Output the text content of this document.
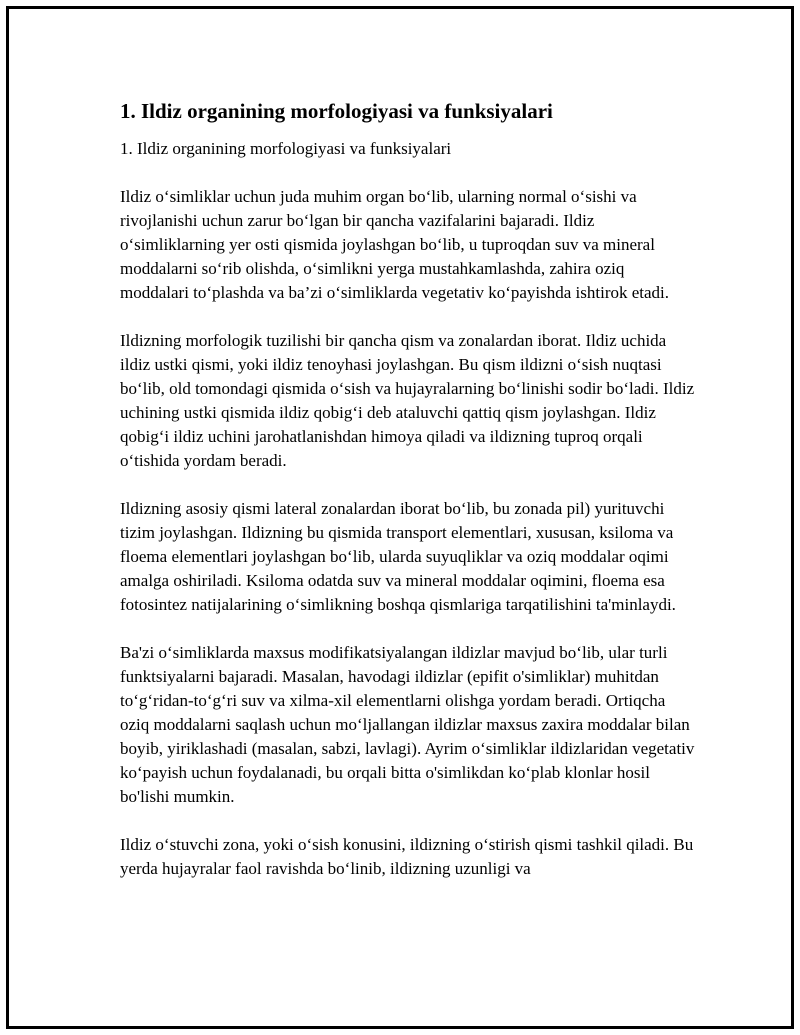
1. Ildiz organining morfologiyasi va funksiyalari
1. Ildiz organining morfologiyasi va funksiyalari

Ildiz o‘simliklar uchun juda muhim organ bo‘lib, ularning normal o‘sishi va rivojlanishi uchun zarur bo‘lgan bir qancha vazifalarini bajaradi. Ildiz o‘simliklarning yer osti qismida joylashgan bo‘lib, u tuproqdan suv va mineral moddalarni so‘rib olishda, o‘simlikni yerga mustahkamlashda, zahira oziq moddalari to‘plashda va ba’zi o‘simliklarda vegetativ ko‘payishda ishtirok etadi.

Ildizning morfologik tuzilishi bir qancha qism va zonalardan iborat. Ildiz uchida ildiz ustki qismi, yoki ildiz tenoyhasi joylashgan. Bu qism ildizni o‘sish nuqtasi bo‘lib, old tomondagi qismida o‘sish va hujayralarning bo‘linishi sodir bo‘ladi. Ildiz uchining ustki qismida ildiz qobig‘i deb ataluvchi qattiq qism joylashgan. Ildiz qobig‘i ildiz uchini jarohatlanishdan himoya qiladi va ildizning tuproq orqali o‘tishida yordam beradi.

Ildizning asosiy qismi lateral zonalardan iborat bo‘lib, bu zonada pil) yurituvchi tizim joylashgan. Ildizning bu qismida transport elementlari, xususan, ksiloma va floema elementlari joylashgan bo‘lib, ularda suyuqliklar va oziq moddalar oqimi amalga oshiriladi. Ksiloma odatda suv va mineral moddalar oqimini, floema esa fotosintez natijalarining o‘simlikning boshqa qismlariga tarqatilishini ta'minlaydi.

Ba'zi o‘simliklarda maxsus modifikatsiyalangan ildizlar mavjud bo‘lib, ular turli funktsiyalarni bajaradi. Masalan, havodagi ildizlar (epifit o'simliklar) muhitdan to‘g‘ridan-to‘g‘ri suv va xilma-xil elementlarni olishga yordam beradi. Ortiqcha oziq moddalarni saqlash uchun mo‘ljallangan ildizlar maxsus zaxira moddalar bilan boyib, yiriklashadi (masalan, sabzi, lavlagi). Ayrim o‘simliklar ildizlaridan vegetativ ko‘payish uchun foydalanadi, bu orqali bitta o'simlikdan ko‘plab klonlar hosil bo'lishi mumkin.

Ildiz o‘stuvchi zona, yoki o‘sish konusini, ildizning o‘stirish qismi tashkil qiladi. Bu yerda hujayralar faol ravishda bo‘linib, ildizning uzunligi va
